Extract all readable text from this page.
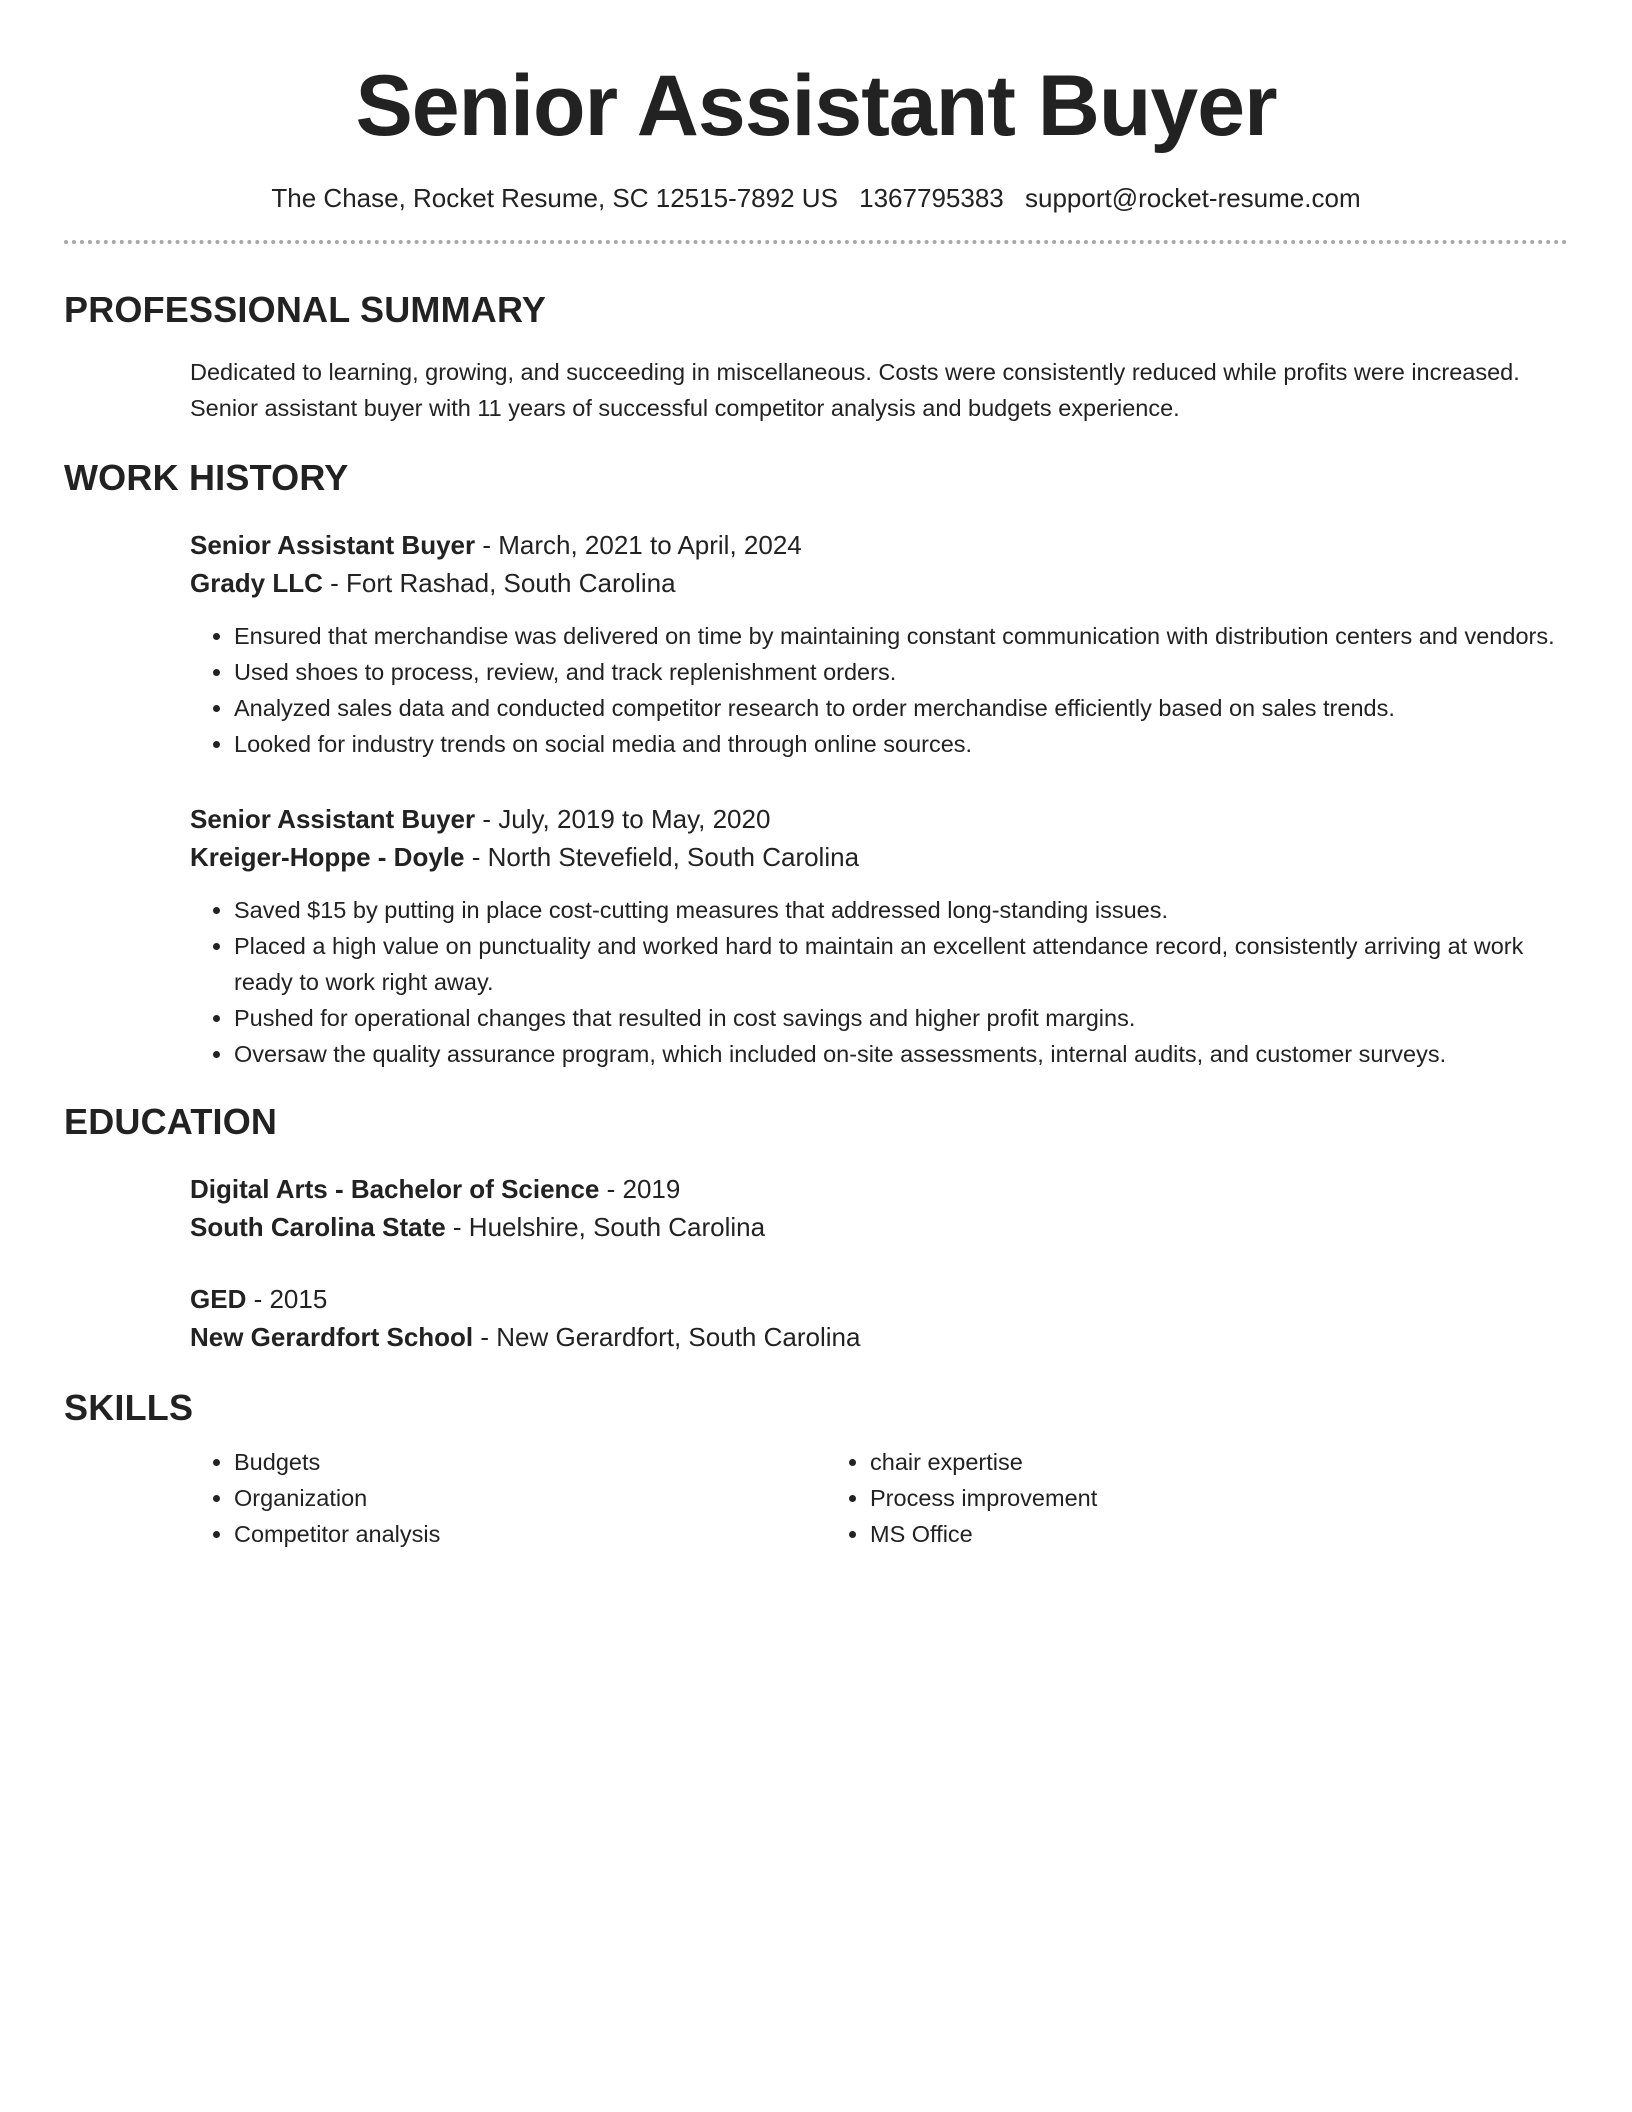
Senior Assistant Buyer
The Chase, Rocket Resume, SC 12515-7892 US 1367795383 support@rocket-resume.com
PROFESSIONAL SUMMARY

Dedicated to learning, growing, and succeeding in miscellaneous. Costs were consistently reduced while profits were increased. Senior assistant buyer with 11 years of successful competitor analysis and budgets experience.

WORK HISTORY
Senior Assistant Buyer - March, 2021 to April, 2024
Grady LLC - Fort Rashad, South Carolina
• Ensured that merchandise was delivered on time by maintaining constant communication with distribution centers and vendors.
• Used shoes to process, review, and track replenishment orders.
• Analyzed sales data and conducted competitor research to order merchandise efficiently based on sales trends.
• Looked for industry trends on social media and through online sources.
Senior Assistant Buyer - July, 2019 to May, 2020
Kreiger-Hoppe - Doyle - North Stevefield, South Carolina
• Saved $15 by putting in place cost-cutting measures that addressed long-standing issues.
• Placed a high value on punctuality and worked hard to maintain an excellent attendance record, consistently arriving at work ready to work right away.
• Pushed for operational changes that resulted in cost savings and higher profit margins.
• Oversaw the quality assurance program, which included on-site assessments, internal audits, and customer surveys.
EDUCATION
Digital Arts - Bachelor of Science - 2019
South Carolina State - Huelshire, South Carolina
GED - 2015
New Gerardfort School - New Gerardfort, South Carolina
SKILLS
• Budgets
• Organization
• Competitor analysis
• chair expertise
• Process improvement
• MS Office
